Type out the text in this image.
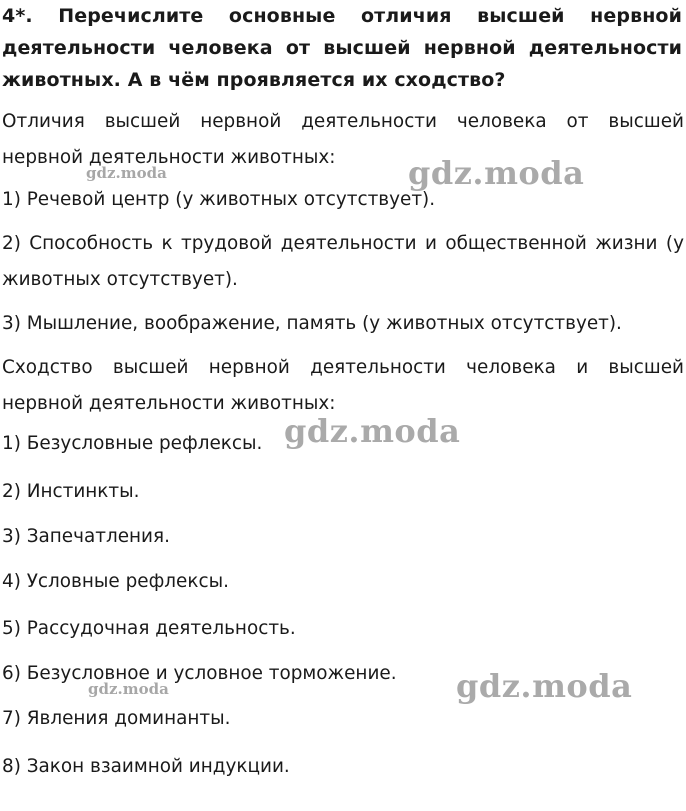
4*. Перечислите основные отличия высшей нервной деятельности человека от высшей нервной деятельности животных. А в чём проявляется их сходство?
Отличия высшей нервной деятельности человека от высшей нервной деятельности животных:
1) Речевой центр (у животных отсутствует).
2) Способность к трудовой деятельности и общественной жизни (у животных отсутствует).
3) Мышление, воображение, память (у животных отсутствует).
Сходство высшей нервной деятельности человека и высшей нервной деятельности животных:
1) Безусловные рефлексы.
2) Инстинкты.
3) Запечатления.
4) Условные рефлексы.
5) Рассудочная деятельность.
6) Безусловное и условное торможение.
7) Явления доминанты.
8) Закон взаимной индукции.
gdz.moda
gdz.moda
gdz.moda
gdz.moda
gdz.moda
